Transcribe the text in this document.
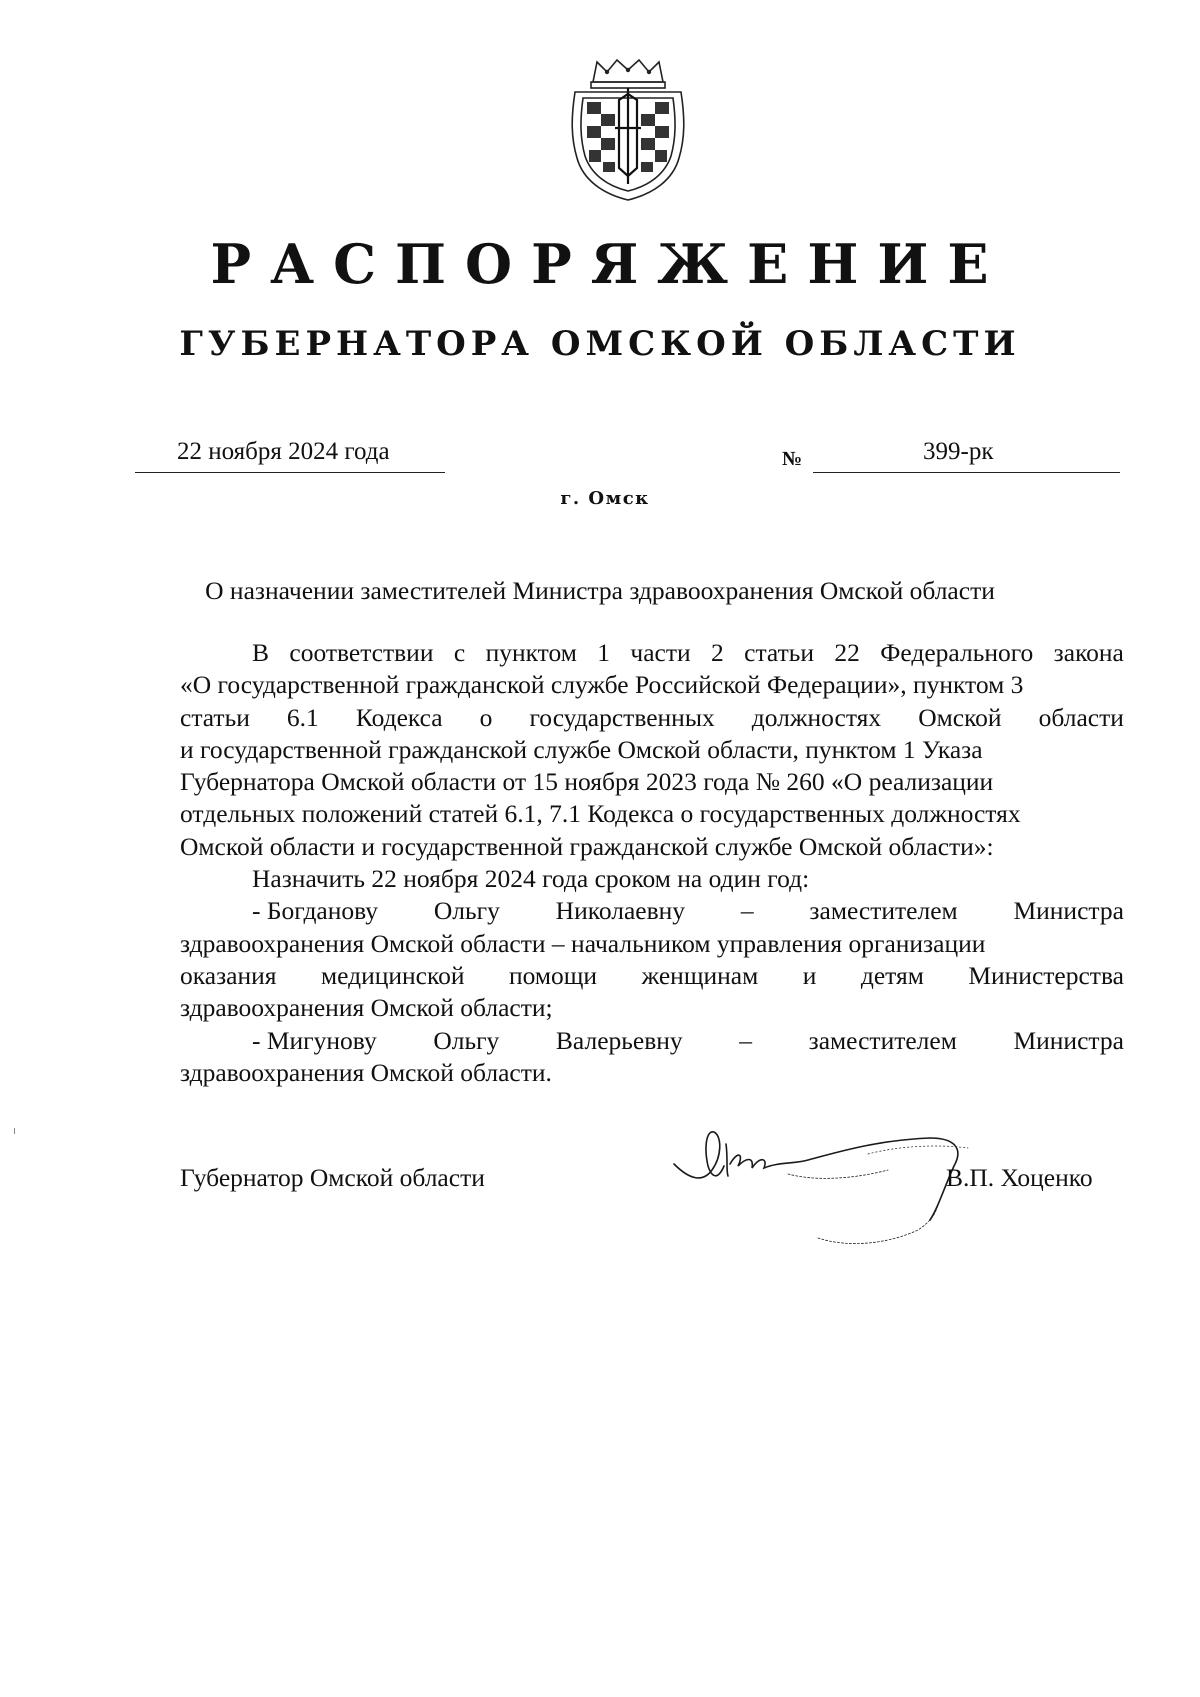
РАСПОРЯЖЕНИЕ
ГУБЕРНАТОРА ОМСКОЙ ОБЛАСТИ
22 ноября 2024 года	№	399-рк
г. Омск
О назначении заместителей Министра здравоохранения Омской области
В соответствии с пунктом 1 части 2 статьи 22 Федерального закона
«О государственной гражданской службе Российской Федерации», пунктом 3
статьи 6.1 Кодекса о государственных должностях Омской области
и государственной гражданской службе Омской области, пунктом 1 Указа
Губернатора Омской области от 15 ноября 2023 года № 260 «О реализации
отдельных положений статей 6.1, 7.1 Кодекса о государственных должностях
Омской области и государственной гражданской службе Омской области»:
Назначить 22 ноября 2024 года сроком на один год:
- Богданову Ольгу Николаевну – заместителем Министра
здравоохранения Омской области – начальником управления организации
оказания медицинской помощи женщинам и детям Министерства
здравоохранения Омской области;
- Мигунову Ольгу Валерьевну – заместителем Министра
здравоохранения Омской области.
Губернатор Омской области	В.П. Хоценко
